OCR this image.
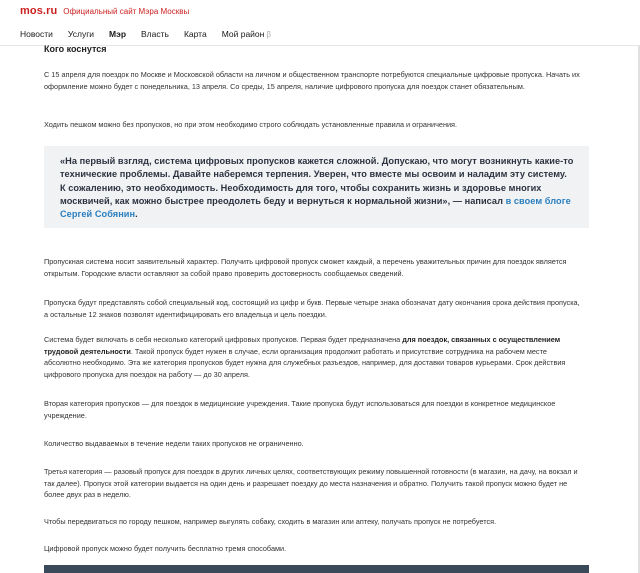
mos.ru Официальный сайт Мэра Москвы
Новости Услуги Мэр Власть Карта Мой район β
Кого коснутся

С 15 апреля для поездок по Москве и Московской области на личном и общественном транспорте потребуются специальные цифровые пропуска. Начать их оформление можно будет с понедельника, 13 апреля. Со среды, 15 апреля, наличие цифрового пропуска для поездок станет обязательным.

Ходить пешком можно без пропусков, но при этом необходимо строго соблюдать установленные правила и ограничения.

«На первый взгляд, система цифровых пропусков кажется сложной. Допускаю, что могут возникнуть какие-то технические проблемы. Давайте наберемся терпения. Уверен, что вместе мы освоим и наладим эту систему. К сожалению, это необходимость. Необходимость для того, чтобы сохранить жизнь и здоровье многих москвичей, как можно быстрее преодолеть беду и вернуться к нормальной жизни», — написал в своем блоге Сергей Собянин.

Пропускная система носит заявительный характер. Получить цифровой пропуск сможет каждый, а перечень уважительных причин для поездок является открытым. Городские власти оставляют за собой право проверить достоверность сообщаемых сведений.

Пропуска будут представлять собой специальный код, состоящий из цифр и букв. Первые четыре знака обозначат дату окончания срока действия пропуска, а остальные 12 знаков позволят идентифицировать его владельца и цель поездки.

Система будет включать в себя несколько категорий цифровых пропусков. Первая будет предназначена для поездок, связанных с осуществлением трудовой деятельности. Такой пропуск будет нужен в случае, если организация продолжит работать и присутствие сотрудника на рабочем месте абсолютно необходимо. Эта же категория пропусков будет нужна для служебных разъездов, например, для доставки товаров курьерами. Срок действия цифрового пропуска для поездок на работу — до 30 апреля.

Вторая категория пропусков — для поездок в медицинские учреждения. Такие пропуска будут использоваться для поездки в конкретное медицинское учреждение.

Количество выдаваемых в течение недели таких пропусков не ограниченно.

Третья категория — разовый пропуск для поездок в других личных целях, соответствующих режиму повышенной готовности (в магазин, на дачу, на вокзал и так далее). Пропуск этой категории выдается на один день и разрешает поездку до места назначения и обратно. Получить такой пропуск можно будет не более двух раз в неделю.

Чтобы передвигаться по городу пешком, например выгулять собаку, сходить в магазин или аптеку, получать пропуск не потребуется.

Цифровой пропуск можно будет получить бесплатно тремя способами.
